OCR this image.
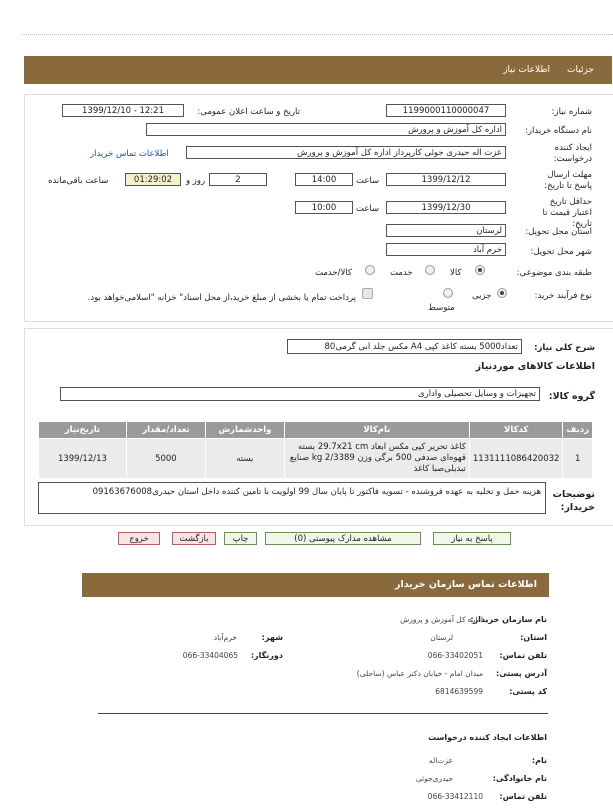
جزئیات
اطلاعات نیاز
شماره نیاز:
1199000110000047
تاریخ و ساعت اعلان عمومی:
1399/12/10 - 12:21
نام دستگاه خریدار:
اداره کل آموزش و پرورش
ایجاد کننده درخواست:
عزت اله حیدری جوئی کارپرداز اداره کل آموزش و پرورش
اطلاعات تماس خریدار
مهلت ارسال پاسخ تا تاریخ:
1399/12/12
ساعت
14:00
2
روز و
01:29:02
ساعت باقی‌مانده
حداقل تاریخ اعتبار قیمت تا تاریخ:
1399/12/30
ساعت
10:00
استان محل تحویل:
لرستان
شهر محل تحویل:
خرم آباد
طبقه بندی موضوعی:
کالا
خدمت
کالا/خدمت
نوع فرآیند خرید:
جزیی
متوسط
پرداخت تمام یا بخشی از مبلغ خرید،از محل اسناد" خزانه "اسلامی‌خواهد بود.
شرح کلی نیاز:
تعداد5000 بسته کاغذ کپی A4 مکس جلد ابی گرمی80
اطلاعات کالاهای موردنیاز
گروه کالا:
تجهیزات و وسایل تحصیلی واداری
ردیف	کدکالا	نام‌کالا	واحدشمارش	تعداد/مقدار	تاریخ‌نیاز
1	1131111086420032	کاغذ تحریر کپی مکس ابعاد 29.7x21 cm بسته قهوه‌ای صدفی 500 برگی وزن 2/3389 kg صنایع تبدیلی‌صبا کاغذ	بسته	5000	1399/12/13
توضیحات خریدار:
هزینه حمل و تخلیه به عهده فروشنده - تسویه فاکتور تا پایان سال 99 اولویت با تامین کننده داخل استان حیدری09163676008
پاسخ به نیاز
مشاهده مدارک پیوستی (0)
چاپ
بازگشت
خروج
اطلاعات تماس سازمان خریدار
نام سازمان خریدار:
اداره کل آموزش و پرورش
استان:
لرستان
شهر:
خرم‌آباد
تلفن تماس:
066-33402051
دورنگار:
066-33404065
آدرس پستی:
میدان امام - خیابان دکتر عباس (ساحلی)
کد پستی:
6814639599
اطلاعات ایجاد کننده درخواست
نام:
عزت‌اله
نام خانوادگی:
حیدری‌جوئی
تلفن تماس:
066-33412110
